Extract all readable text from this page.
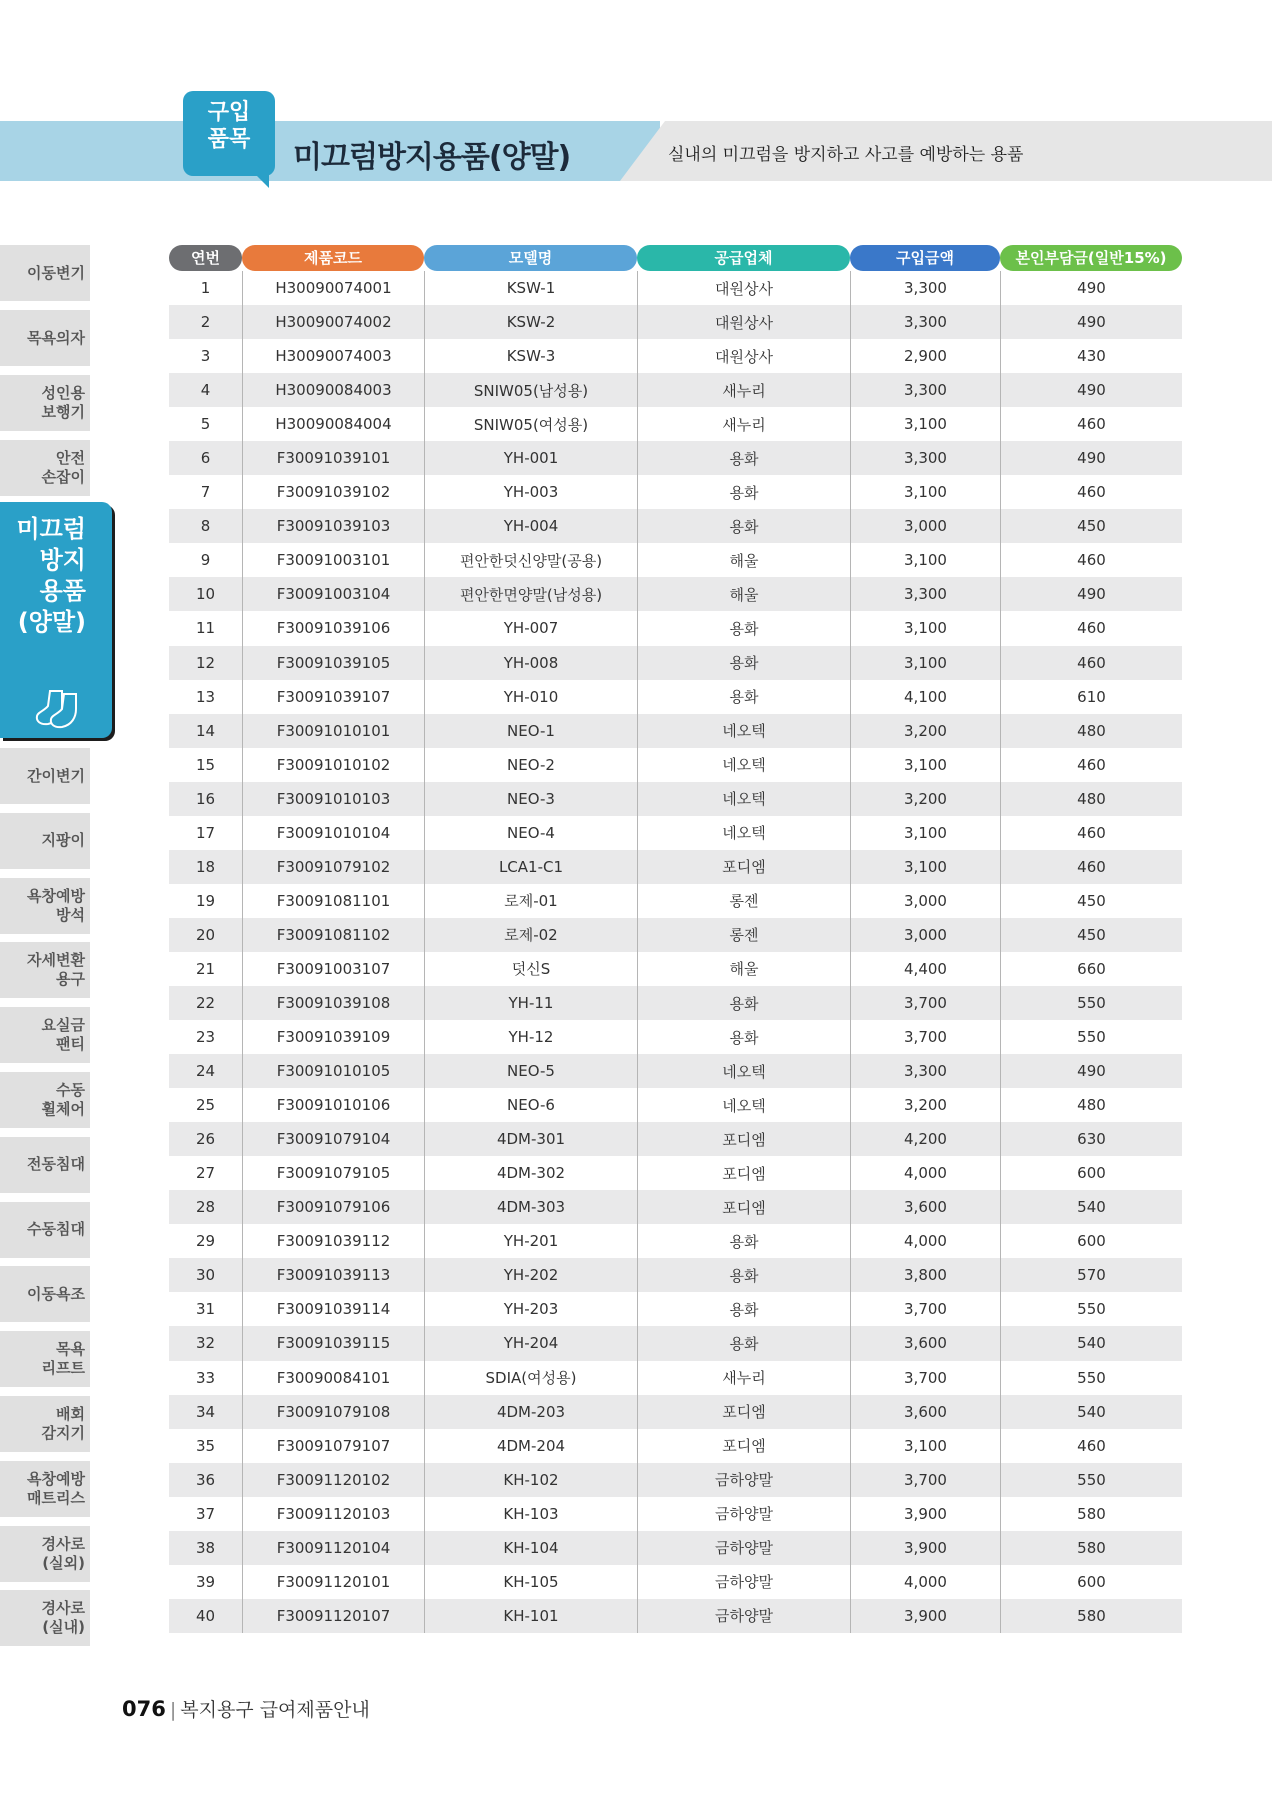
미끄럼방지용품(양말)	실내의 미끄럼을 방지하고 사고를 예방하는 용품
구입
품목
이동변기
목욕의자
성인용
보행기
안전
손잡이
미끄럼
방지
용품
(양말)
간이변기
지팡이
욕창예방
방석
자세변환
용구
요실금
팬티
수동
휠체어
전동침대
수동침대
이동욕조
목욕
리프트
배회
감지기
욕창예방
매트리스
경사로
(실외)
경사로
(실내)
연번	제품코드	모델명	공급업체	구입금액	본인부담금(일반15%)
1	H30090074001	KSW-1	대원상사	3,300	490
2	H30090074002	KSW-2	대원상사	3,300	490
3	H30090074003	KSW-3	대원상사	2,900	430
4	H30090084003	SNIW05(남성용)	새누리	3,300	490
5	H30090084004	SNIW05(여성용)	새누리	3,100	460
6	F30091039101	YH-001	용화	3,300	490
7	F30091039102	YH-003	용화	3,100	460
8	F30091039103	YH-004	용화	3,000	450
9	F30091003101	편안한덧신양말(공용)	해울	3,100	460
10	F30091003104	편안한면양말(남성용)	해울	3,300	490
11	F30091039106	YH-007	용화	3,100	460
12	F30091039105	YH-008	용화	3,100	460
13	F30091039107	YH-010	용화	4,100	610
14	F30091010101	NEO-1	네오텍	3,200	480
15	F30091010102	NEO-2	네오텍	3,100	460
16	F30091010103	NEO-3	네오텍	3,200	480
17	F30091010104	NEO-4	네오텍	3,100	460
18	F30091079102	LCA1-C1	포디엠	3,100	460
19	F30091081101	로제-01	롱젠	3,000	450
20	F30091081102	로제-02	롱젠	3,000	450
21	F30091003107	덧신S	해울	4,400	660
22	F30091039108	YH-11	용화	3,700	550
23	F30091039109	YH-12	용화	3,700	550
24	F30091010105	NEO-5	네오텍	3,300	490
25	F30091010106	NEO-6	네오텍	3,200	480
26	F30091079104	4DM-301	포디엠	4,200	630
27	F30091079105	4DM-302	포디엠	4,000	600
28	F30091079106	4DM-303	포디엠	3,600	540
29	F30091039112	YH-201	용화	4,000	600
30	F30091039113	YH-202	용화	3,800	570
31	F30091039114	YH-203	용화	3,700	550
32	F30091039115	YH-204	용화	3,600	540
33	F30090084101	SDIA(여성용)	새누리	3,700	550
34	F30091079108	4DM-203	포디엠	3,600	540
35	F30091079107	4DM-204	포디엠	3,100	460
36	F30091120102	KH-102	금하양말	3,700	550
37	F30091120103	KH-103	금하양말	3,900	580
38	F30091120104	KH-104	금하양말	3,900	580
39	F30091120101	KH-105	금하양말	4,000	600
40	F30091120107	KH-101	금하양말	3,900	580
076 | 복지용구 급여제품안내
